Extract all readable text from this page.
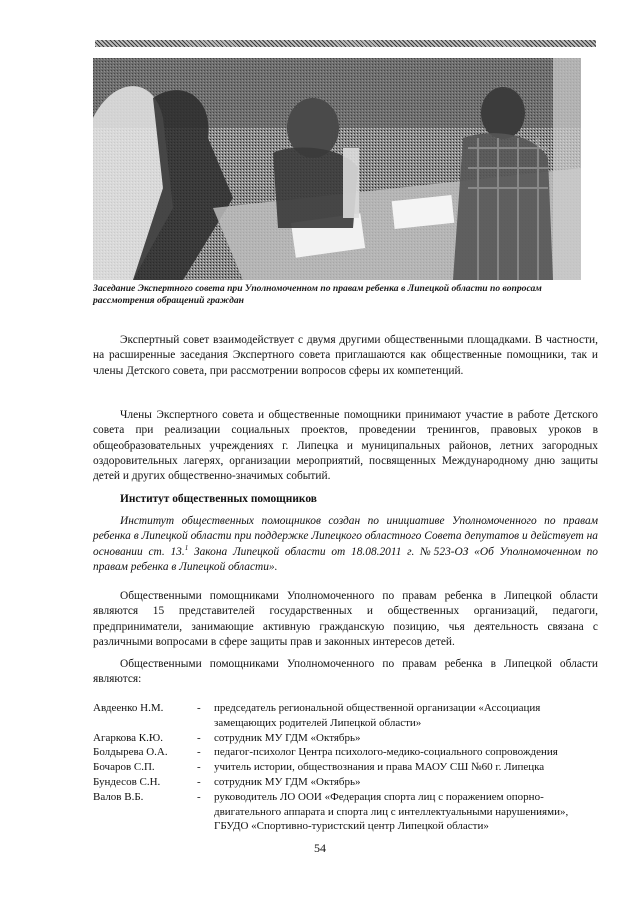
Заседание Экспертного совета при Уполномоченном по правам ребенка в Липецкой области по вопросам рассмотрения обращений граждан
Экспертный совет взаимодействует с двумя другими общественными площадками. В частности, на расширенные заседания Экспертного совета приглашаются как общественные помощники, так и члены Детского совета, при рассмотрении вопросов сферы их компетенций.
Члены Экспертного совета и общественные помощники принимают участие в работе Детского совета при реализации социальных проектов, проведении тренингов, правовых уроков в общеобразовательных учреждениях г. Липецка и муниципальных районов, летних загородных оздоровительных лагерях, организации мероприятий, посвященных Международному дню защиты детей и других общественно-значимых событий.
Институт общественных помощников
Институт общественных помощников создан по инициативе Уполномоченного по правам ребенка в Липецкой области при поддержке Липецкого областного Совета депутатов и действует на основании ст. 13.$^1$ Закона Липецкой области от 18.08.2011 г. №523-ОЗ «Об Уполномоченном по правам ребенка в Липецкой области».
Общественными помощниками Уполномоченного по правам ребенка в Липецкой области являются 15 представителей государственных и общественных организаций, педагоги, предприниматели, занимающие активную гражданскую позицию, чья деятельность связана с различными вопросами в сфере защиты прав и законных интересов детей.
Общественными помощниками Уполномоченного по правам ребенка в Липецкой области являются:
Авдеенко Н.М.	-	председатель региональной общественной организации «Ассоциация замещающих родителей Липецкой области»
Агаркова К.Ю.	-	сотрудник МУ ГДМ «Октябрь»
Болдырева О.А.	-	педагог-психолог Центра психолого-медико-социального сопровождения
Бочаров С.П.	-	учитель истории, обществознания и права МАОУ СШ №60 г. Липецка
Бундесов С.Н.	-	сотрудник МУ ГДМ «Октябрь»
Валов В.Б.	-	руководитель ЛО ООИ «Федерация спорта лиц с поражением опорно-двигательного аппарата и спорта лиц с интеллектуальными нарушениями», ГБУДО «Спортивно-туристский центр Липецкой области»
54
